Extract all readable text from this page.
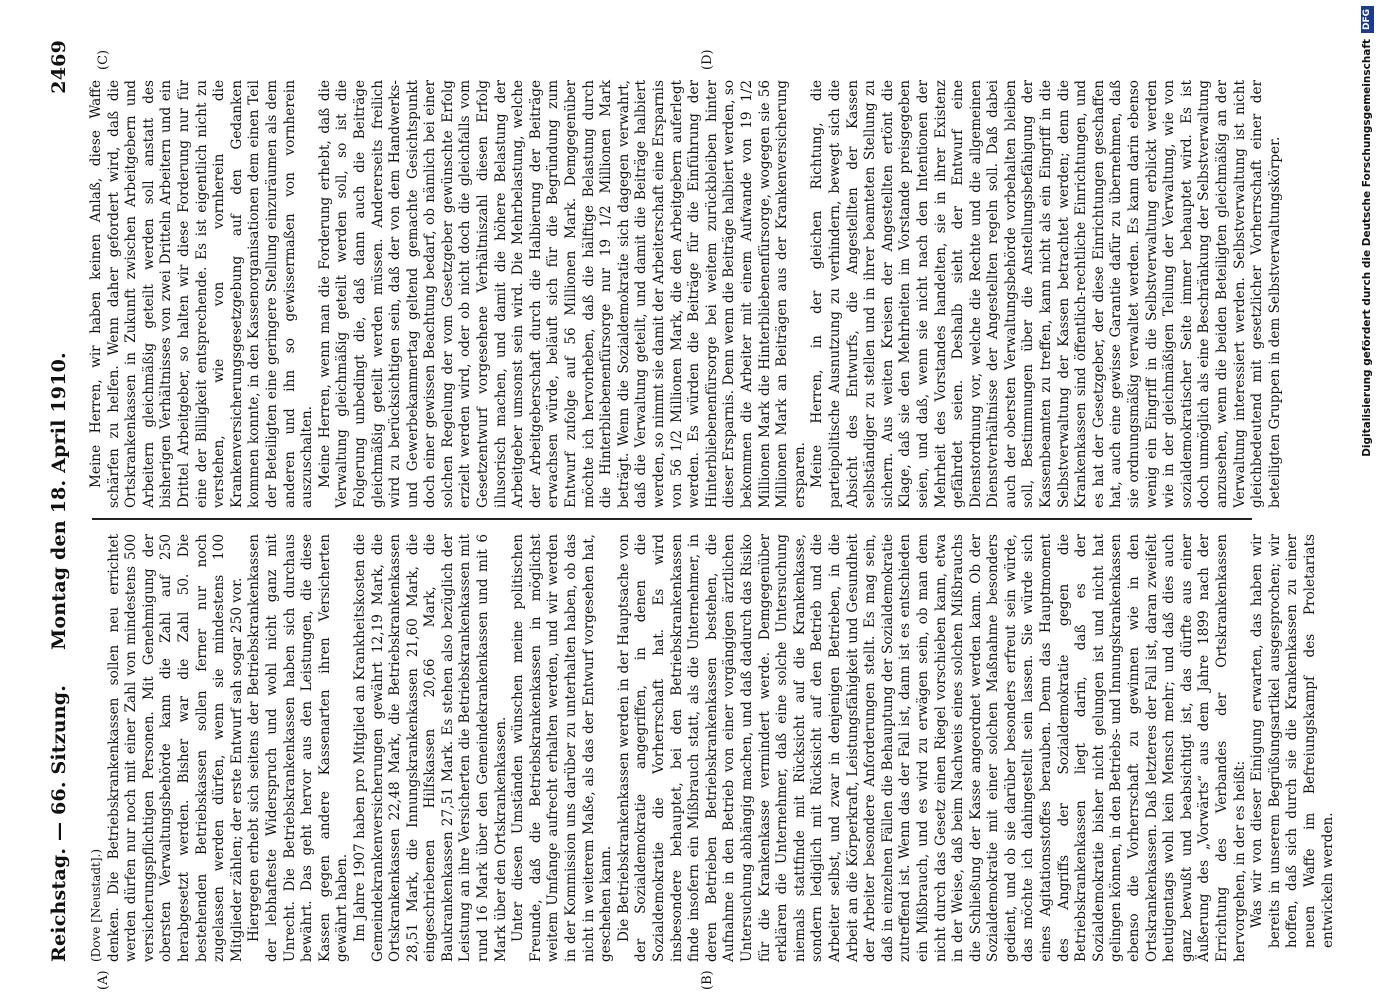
Reichstag. — 66. Sitzung.
Montag den 18. April 1910.
2469
(A)	(B)
(C)	(D)

(Dove [Neustadt].) denken. Die Betriebskrankenkassen sollen neu errichtet werden dürfen nur noch mit einer Zahl von mindestens 500 versicherungspflichtigen Personen. Mit Genehmigung der obersten Verwaltungsbehörde kann die Zahl auf 250 herabgesetzt werden. Bisher war die Zahl 50. Die bestehenden Betriebskassen sollen ferner nur noch zugelassen werden dürfen, wenn sie mindestens 100 Mitglieder zählen; der erste Entwurf sah sogar 250 vor. Hiergegen erhebt sich seitens der Betriebskrankenkassen der lebhafteste Widerspruch und wohl nicht ganz mit Unrecht. Die Betriebskrankenkassen haben sich durchaus bewährt. Das geht hervor aus den Leistungen, die diese Kassen gegen andere Kassenarten ihren Versicherten gewährt haben. Im Jahre 1907 haben pro Mitglied an Krankheitskosten die Gemeindekrankenversicherungen gewährt 12,19 Mark, die Ortskrankenkassen 22,48 Mark, die Betriebskrankenkassen 28,51 Mark, die Innungskrankenkassen 21,60 Mark, die eingeschriebenen Hilfskassen 20,66 Mark, die Baukrankenkassen 27,51 Mark. Es stehen also bezüglich der Leistung an ihre Versicherten die Betriebskrankenkassen mit rund 16 Mark über den Gemeindekrankenkassen und mit 6 Mark über den Ortskrankenkassen. Unter diesen Umständen wünschen meine politischen Freunde, daß die Betriebskrankenkassen in möglichst weitem Umfange aufrecht erhalten werden, und wir werden in der Kommission uns darüber zu unterhalten haben, ob das nicht in weiterem Maße, als das der Entwurf vorgesehen hat, geschehen kann. Die Betriebskrankenkassen werden in der Hauptsache von der Sozialdemokratie angegriffen, in denen die Sozialdemokratie die Vorherrschaft hat. Es wird insbesondere behauptet, bei den Betriebskrankenkassen finde insofern ein Mißbrauch statt, als die Unternehmer, in deren Betrieben Betriebskrankenkassen bestehen, die Aufnahme in den Betrieb von einer vorgängigen ärztlichen Untersuchung abhängig machen, und daß dadurch das Risiko für die Krankenkasse vermindert werde. Demgegenüber erklären die Unternehmer, daß eine solche Untersuchung niemals stattfinde mit Rücksicht auf die Krankenkasse, sondern lediglich mit Rücksicht auf den Betrieb und die Arbeiter selbst, und zwar in denjenigen Betrieben, in die Arbeit an die Körperkraft, Leistungsfähigkeit und Gesundheit der Arbeiter besondere Anforderungen stellt. Es mag sein, daß in einzelnen Fällen die Behauptung der Sozialdemokratie zutreffend ist. Wenn das der Fall ist, dann ist es entschieden ein Mißbrauch, und es wird zu erwägen sein, ob man dem nicht durch das Gesetz einen Riegel vorschieben kann, etwa in der Weise, daß beim Nachweis eines solchen Mißbrauchs die Schließung der Kasse angeordnet werden kann. Ob der Sozialdemokratie mit einer solchen Maßnahme besonders gedient, und ob sie darüber besonders erfreut sein würde, das möchte ich dahingestellt sein lassen. Sie würde sich eines Agitationsstoffes berauben. Denn das Hauptmoment des Angriffs der Sozialdemokratie gegen die Betriebskrankenkassen liegt darin, daß es der Sozialdemokratie bisher nicht gelungen ist und nicht hat gelingen können, in den Betriebs- und Innungskrankenkassen ebenso die Vorherrschaft zu gewinnen wie in den Ortskrankenkassen. Daß letzteres der Fall ist, daran zweifelt heutigentags wohl kein Mensch mehr; und daß dies auch ganz bewußt und beabsichtigt ist, das dürfte aus einer Äußerung des „Vorwärts“ aus dem Jahre 1899 nach der Errichtung des Verbandes der Ortskrankenkassen hervorgehen, in der es heißt: Was wir von dieser Einigung erwarten, das haben wir bereits in unserem Begrüßungsartikel ausgesprochen; wir hoffen, daß sich durch sie die Krankenkassen zu einer neuen Waffe im Befreiungskampf des Proletariats entwickeln werden.

Meine Herren, wir haben keinen Anlaß, diese Waffe schärfen zu helfen. Wenn daher gefordert wird, daß die Ortskrankenkassen in Zukunft zwischen Arbeitgebern und Arbeitern gleichmäßig geteilt werden soll anstatt des bisherigen Verhältnisses von zwei Dritteln Arbeitern und ein Drittel Arbeitgeber, so halten wir diese Forderung nur für eine der Billigkeit entsprechende. Es ist eigentlich nicht zu verstehen, wie von vornherein die Krankenversicherungsgesetzgebung auf den Gedanken kommen konnte, in den Kassenorganisationen dem einen Teil der Beteiligten eine geringere Stellung einzuräumen als dem anderen und ihn so gewissermaßen von vornherein auszuschalten. Meine Herren, wenn man die Forderung erhebt, daß die Verwaltung gleichmäßig geteilt werden soll, so ist die Folgerung unbedingt die, daß dann auch die Beiträge gleichmäßig geteilt werden müssen. Andererseits freilich wird zu berücksichtigen sein, daß der von dem Handwerks- und Gewerbekammertag geltend gemachte Gesichtspunkt doch einer gewissen Beachtung bedarf, ob nämlich bei einer solchen Regelung der vom Gesetzgeber gewünschte Erfolg erzielt werden wird, oder ob nicht doch die gleichfalls vom Gesetzentwurf vorgesehene Verhältniszahl diesen Erfolg illusorisch machen, und damit die höhere Belastung der Arbeitgeber umsonst sein wird. Die Mehrbelastung, welche der Arbeitgeberschaft durch die Halbierung der Beiträge erwachsen würde, beläuft sich für die Begründung zum Entwurf zufolge auf 56 Millionen Mark. Demgegenüber möchte ich hervorheben, daß die hälftige Belastung durch die Hinterbliebenenfürsorge nur 19 1/2 Millionen Mark beträgt. Wenn die Sozialdemokratie sich dagegen verwahrt, daß die Verwaltung geteilt, und damit die Beiträge halbiert werden, so nimmt sie damit der Arbeiterschaft eine Ersparnis von 56 1/2 Millionen Mark, die den Arbeitgebern auferlegt werden. Es würden die Beiträge für die Einführung der Hinterbliebenenfürsorge bei weitem zurückbleiben hinter dieser Ersparnis. Denn wenn die Beiträge halbiert werden, so bekommen die Arbeiter mit einem Aufwande von 19 1/2 Millionen Mark die Hinterbliebenenfürsorge, wogegen sie 56 Millionen Mark an Beiträgen aus der Krankenversicherung ersparen. Meine Herren, in der gleichen Richtung, die parteipolitische Ausnutzung zu verhindern, bewegt sich die Absicht des Entwurfs, die Angestellten der Kassen selbständiger zu stellen und in ihrer beamteten Stellung zu sichern. Aus weiten Kreisen der Angestellten ertönt die Klage, daß sie den Mehrheiten im Vorstande preisgegeben seien, und daß, wenn sie nicht nach den Intentionen der Mehrheit des Vorstandes handelten, sie in ihrer Existenz gefährdet seien. Deshalb sieht der Entwurf eine Dienstordnung vor, welche die Rechte und die allgemeinen Dienstverhältnisse der Angestellten regeln soll. Daß dabei auch der obersten Verwaltungsbehörde vorbehalten bleiben soll, Bestimmungen über die Anstellungsbefähigung der Kassenbeamten zu treffen, kann nicht als ein Eingriff in die Selbstverwaltung der Kassen betrachtet werden; denn die Krankenkassen sind öffentlich-rechtliche Einrichtungen, und es hat der Gesetzgeber, der diese Einrichtungen geschaffen hat, auch eine gewisse Garantie dafür zu übernehmen, daß sie ordnungsmäßig verwaltet werden. Es kann darin ebenso wenig ein Eingriff in die Selbstverwaltung erblickt werden wie in der gleichmäßigen Teilung der Verwaltung, wie von sozialdemokratischer Seite immer behauptet wird. Es ist doch unmöglich als eine Beschränkung der Selbstverwaltung anzusehen, wenn die beiden Beteiligten gleichmäßig an der Verwaltung interessiert werden. Selbstverwaltung ist nicht gleichbedeutend mit gesetzlicher Vorherrschaft einer der beteiligten Gruppen in dem Selbstverwaltungskörper.	Digitalisierung gefördert durch die Deutsche ForschungsgemeinschaftDFG
